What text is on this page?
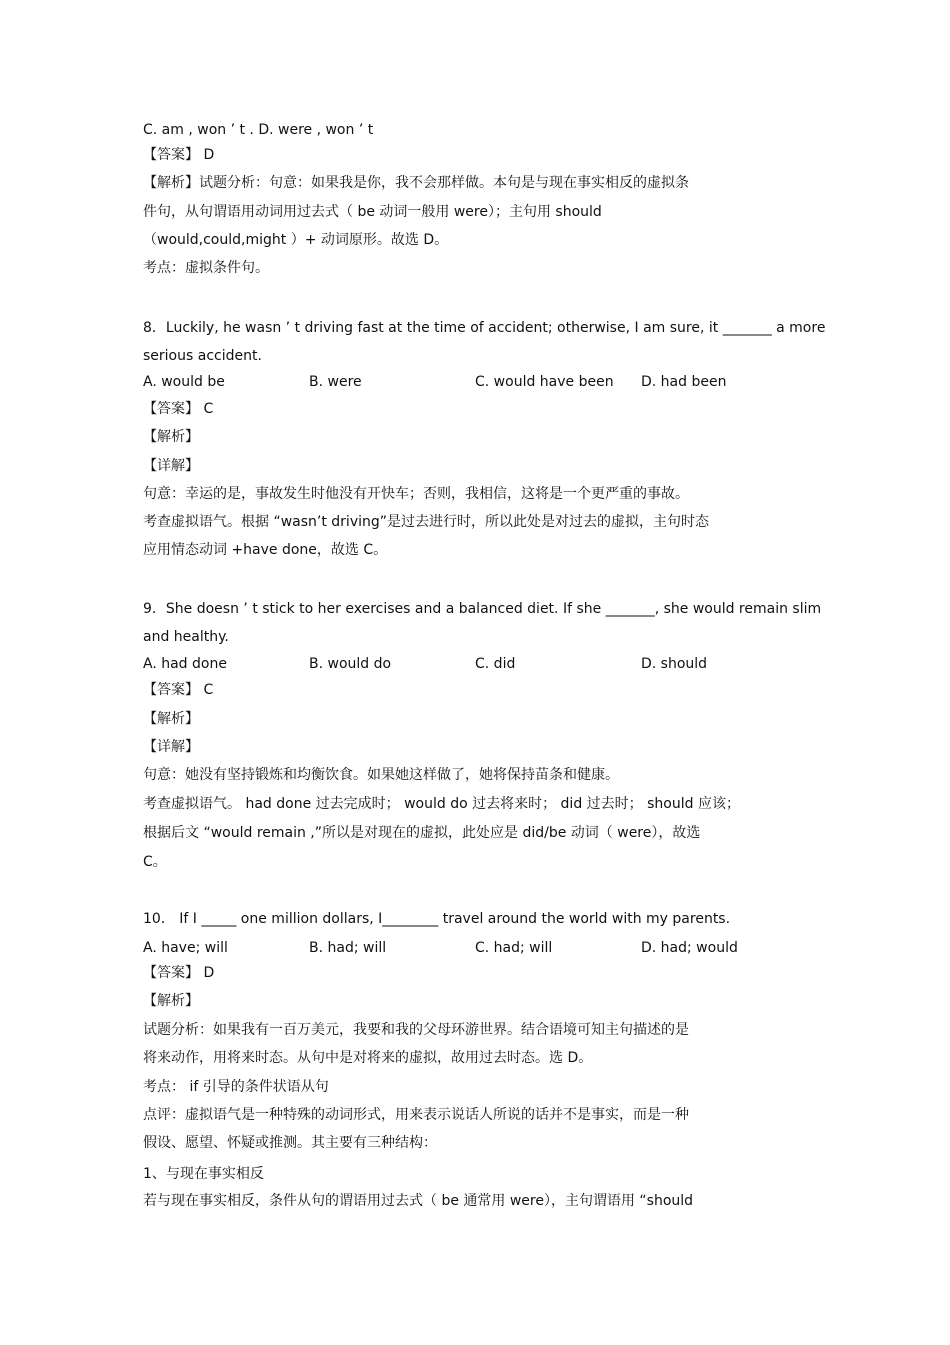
C. am , won ’ t . D. were , won ’ t
【答案】 D
【解析】试题分析：句意：如果我是你，我不会那样做。本句是与现在事实相反的虚拟条
件句，从句谓语用动词用过去式（ be 动词一般用 were）；主句用 should
（would,could,might ）+ 动词原形。故选 D。
考点：虚拟条件句。
8．Luckily, he wasn ’ t driving fast at the time of accident; otherwise, I am sure, it _______ a more
serious accident.
A. would be	B. were	C. would have been D. had been
【答案】 C
【解析】
【详解】
句意：幸运的是，事故发生时他没有开快车；否则，我相信，这将是一个更严重的事故。
考查虚拟语气。根据 “wasn’t driving”是过去进行时，所以此处是对过去的虚拟，主句时态
应用情态动词 +have done，故选 C。
9．She doesn ’ t stick to her exercises and a balanced diet. If she _______, she would remain slim
and healthy.
A. had done	B. would do	C. did	D. should
【答案】 C
【解析】
【详解】
句意：她没有坚持锻炼和均衡饮食。如果她这样做了，她将保持苗条和健康。
考查虚拟语气。 had done 过去完成时； would do 过去将来时； did 过去时； should 应该；
根据后文 “would remain ,”所以是对现在的虚拟，此处应是 did/be 动词（ were），故选
C。
10． If I _____ one million dollars, I________ travel around the world with my parents.
A. have; will	B. had; will	C. had; will	D. had; would
【答案】 D
【解析】
试题分析：如果我有一百万美元，我要和我的父母环游世界。结合语境可知主句描述的是
将来动作，用将来时态。从句中是对将来的虚拟，故用过去时态。选 D。
考点： if 引导的条件状语从句
点评：虚拟语气是一种特殊的动词形式，用来表示说话人所说的话并不是事实，而是一种
假设、愿望、怀疑或推测。其主要有三种结构：
1、与现在事实相反
若与现在事实相反，条件从句的谓语用过去式（ be 通常用 were），主句谓语用 “should
